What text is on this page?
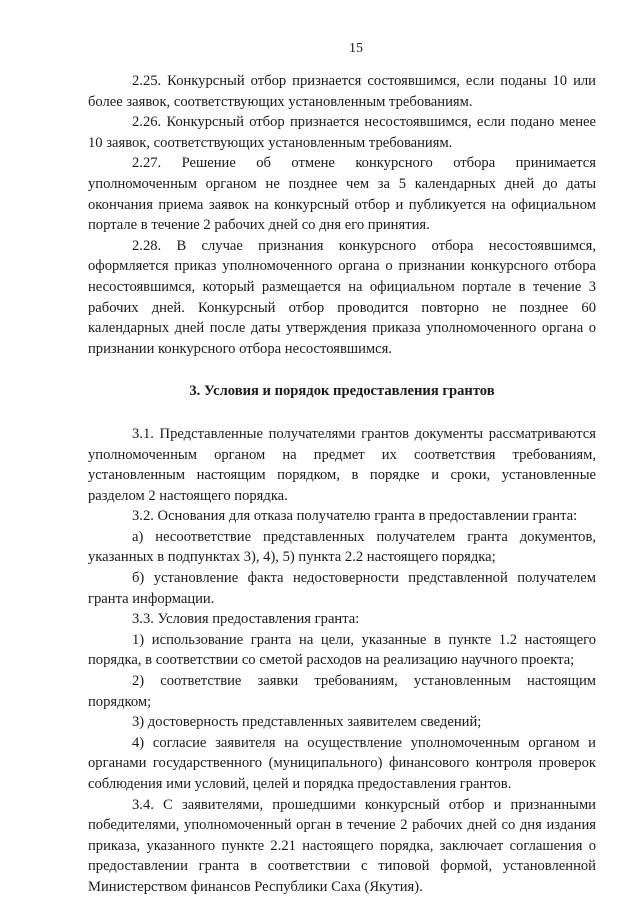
15

2.25. Конкурсный отбор признается состоявшимся, если поданы 10 или более заявок, соответствующих установленным требованиям.

2.26. Конкурсный отбор признается несостоявшимся, если подано менее 10 заявок, соответствующих установленным требованиям.

2.27. Решение об отмене конкурсного отбора принимается уполномоченным органом не позднее чем за 5 календарных дней до даты окончания приема заявок на конкурсный отбор и публикуется на официальном портале в течение 2 рабочих дней со дня его принятия.

2.28. В случае признания конкурсного отбора несостоявшимся, оформляется приказ уполномоченного органа о признании конкурсного отбора несостоявшимся, который размещается на официальном портале в течение 3 рабочих дней. Конкурсный отбор проводится повторно не позднее 60 календарных дней после даты утверждения приказа уполномоченного органа о признании конкурсного отбора несостоявшимся.

3. Условия и порядок предоставления грантов

3.1. Представленные получателями грантов документы рассматриваются уполномоченным органом на предмет их соответствия требованиям, установленным настоящим порядком, в порядке и сроки, установленные разделом 2 настоящего порядка.

3.2. Основания для отказа получателю гранта в предоставлении гранта:

а) несоответствие представленных получателем гранта документов, указанных в подпунктах 3), 4), 5) пункта 2.2 настоящего порядка;

б) установление факта недостоверности представленной получателем гранта информации.

3.3. Условия предоставления гранта:

1) использование гранта на цели, указанные в пункте 1.2 настоящего порядка, в соответствии со сметой расходов на реализацию научного проекта;

2) соответствие заявки требованиям, установленным настоящим порядком;

3) достоверность представленных заявителем сведений;

4) согласие заявителя на осуществление уполномоченным органом и органами государственного (муниципального) финансового контроля проверок соблюдения ими условий, целей и порядка предоставления грантов.

3.4. С заявителями, прошедшими конкурсный отбор и признанными победителями, уполномоченный орган в течение 2 рабочих дней со дня издания приказа, указанного пункте 2.21 настоящего порядка, заключает соглашения о предоставлении гранта в соответствии с типовой формой, установленной Министерством финансов Республики Саха (Якутия).
